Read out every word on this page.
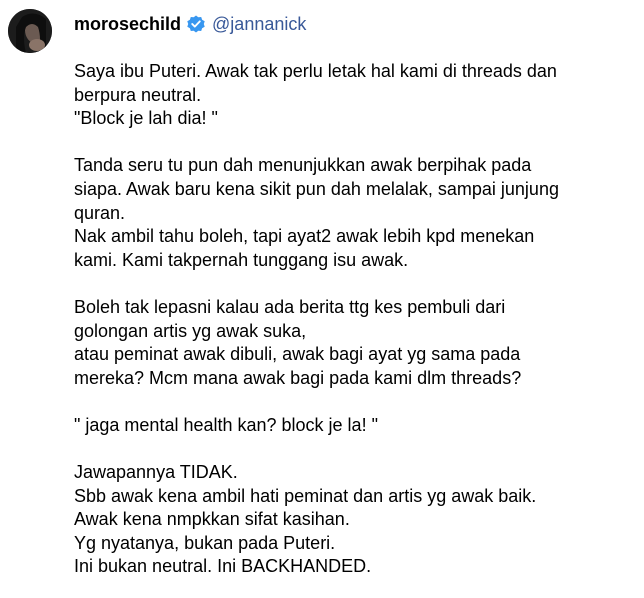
morosechild @jannanick
Saya ibu Puteri. Awak tak perlu letak hal kami di threads dan
berpura neutral.
"Block je lah dia! "
Tanda seru tu pun dah menunjukkan awak berpihak pada
siapa. Awak baru kena sikit pun dah melalak, sampai junjung
quran.
Nak ambil tahu boleh, tapi ayat2 awak lebih kpd menekan
kami. Kami takpernah tunggang isu awak.
Boleh tak lepasni kalau ada berita ttg kes pembuli dari
golongan artis yg awak suka,
atau peminat awak dibuli, awak bagi ayat yg sama pada
mereka? Mcm mana awak bagi pada kami dlm threads?
" jaga mental health kan? block je la! "
Jawapannya TIDAK.
Sbb awak kena ambil hati peminat dan artis yg awak baik.
Awak kena nmpkkan sifat kasihan.
Yg nyatanya, bukan pada Puteri.
Ini bukan neutral. Ini BACKHANDED.
